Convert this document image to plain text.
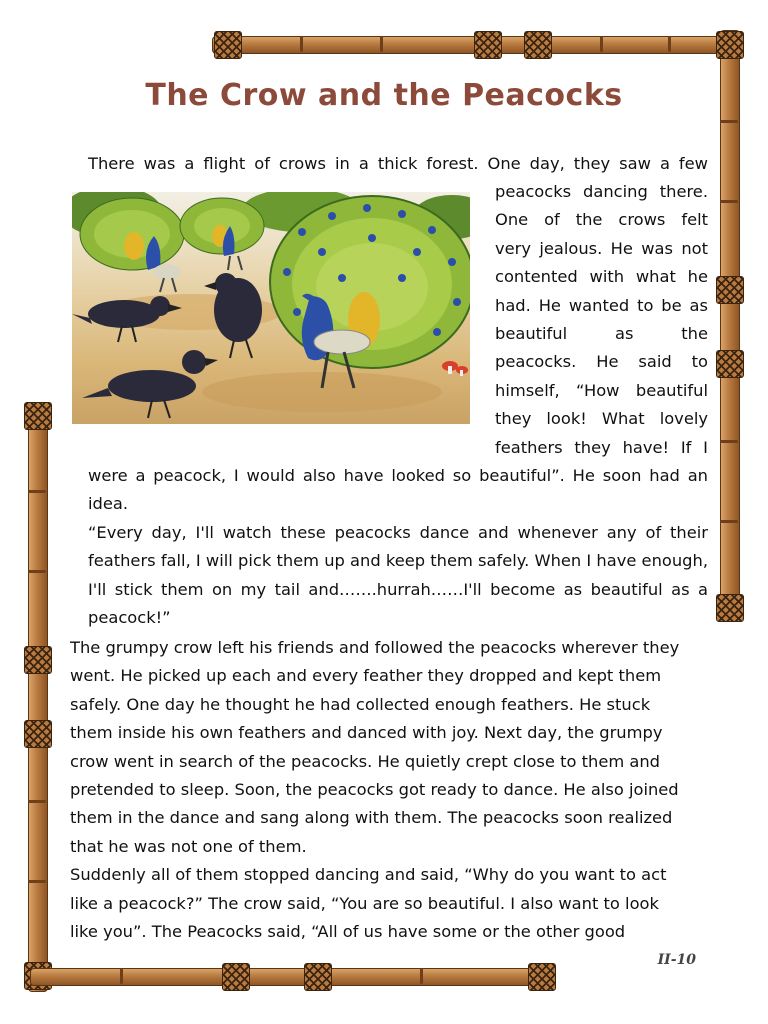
The Crow and the Peacocks
There was a flight of crows in a thick forest. One day, they saw a few
peacocks dancing there.
One of the crows felt
very jealous. He was not
contented with what he
had. He wanted to be as
beautiful as the
peacocks. He said to
himself, “How beautiful
they look! What lovely
feathers they have! If I
were a peacock, I would also have looked so beautiful”. He soon had an idea.
“Every day, I'll watch these peacocks dance and whenever any of their
feathers fall, I will pick them up and keep them safely. When I have enough,
I'll stick them on my tail and…….hurrah……I'll become as beautiful as a
peacock!”
The grumpy crow left his friends and followed the peacocks wherever they
went. He picked up each and every feather they dropped and kept them
safely. One day he thought he had collected enough feathers. He stuck
them inside his own feathers and danced with joy. Next day, the grumpy
crow went in search of the peacocks. He quietly crept close to them and
pretended to sleep. Soon, the peacocks got ready to dance. He also joined
them in the dance and sang along with them. The peacocks soon realized
that he was not one of them.
Suddenly all of them stopped dancing and said, “Why do you want to act
like a peacock?” The crow said, “You are so beautiful. I also want to look
like you”. The Peacocks said, “All of us have some or the other good
II-10
